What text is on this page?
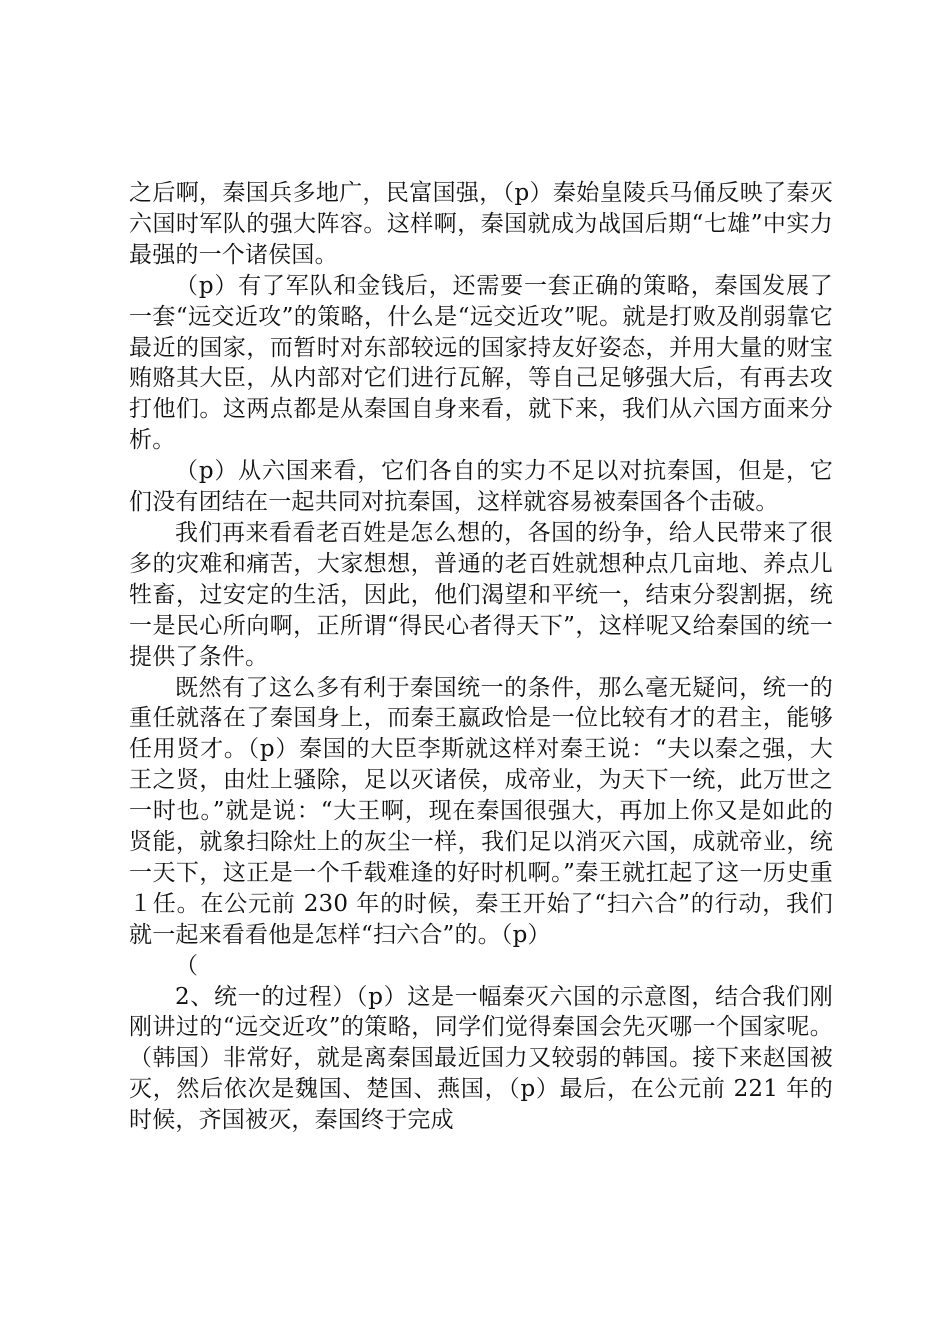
之后啊，秦国兵多地广，民富国强，（p）秦始皇陵兵马俑反映了秦灭六国时军队的强大阵容。这样啊，秦国就成为战国后期“七雄”中实力最强的一个诸侯国。

（p）有了军队和金钱后，还需要一套正确的策略，秦国发展了一套“远交近攻”的策略，什么是“远交近攻”呢。就是打败及削弱靠它最近的国家，而暂时对东部较远的国家持友好姿态，并用大量的财宝贿赂其大臣，从内部对它们进行瓦解，等自己足够强大后，有再去攻打他们。这两点都是从秦国自身来看，就下来，我们从六国方面来分析。

（p）从六国来看，它们各自的实力不足以对抗秦国，但是，它们没有团结在一起共同对抗秦国，这样就容易被秦国各个击破。

我们再来看看老百姓是怎么想的，各国的纷争，给人民带来了很多的灾难和痛苦，大家想想，普通的老百姓就想种点几亩地、养点儿牲畜，过安定的生活，因此，他们渴望和平统一，结束分裂割据，统一是民心所向啊，正所谓“得民心者得天下”，这样呢又给秦国的统一提供了条件。

既然有了这么多有利于秦国统一的条件，那么毫无疑问，统一的重任就落在了秦国身上，而秦王嬴政恰是一位比较有才的君主，能够任用贤才。（p）秦国的大臣李斯就这样对秦王说：“夫以秦之强，大王之贤，由灶上骚除，足以灭诸侯，成帝业，为天下一统，此万世之一时也。”就是说：“大王啊，现在秦国很强大，再加上你又是如此的贤能，就象扫除灶上的灰尘一样，我们足以消灭六国，成就帝业，统一天下，这正是一个千载难逢的好时机啊。”秦王就扛起了这一历史重１任。在公元前 230 年的时候，秦王开始了“扫六合”的行动，我们就一起来看看他是怎样“扫六合”的。（p）

（

2、统一的过程）（p）这是一幅秦灭六国的示意图，结合我们刚刚讲过的“远交近攻”的策略，同学们觉得秦国会先灭哪一个国家呢。（韩国）非常好，就是离秦国最近国力又较弱的韩国。接下来赵国被灭，然后依次是魏国、楚国、燕国，（p）最后，在公元前 221 年的时候，齐国被灭，秦国终于完成
